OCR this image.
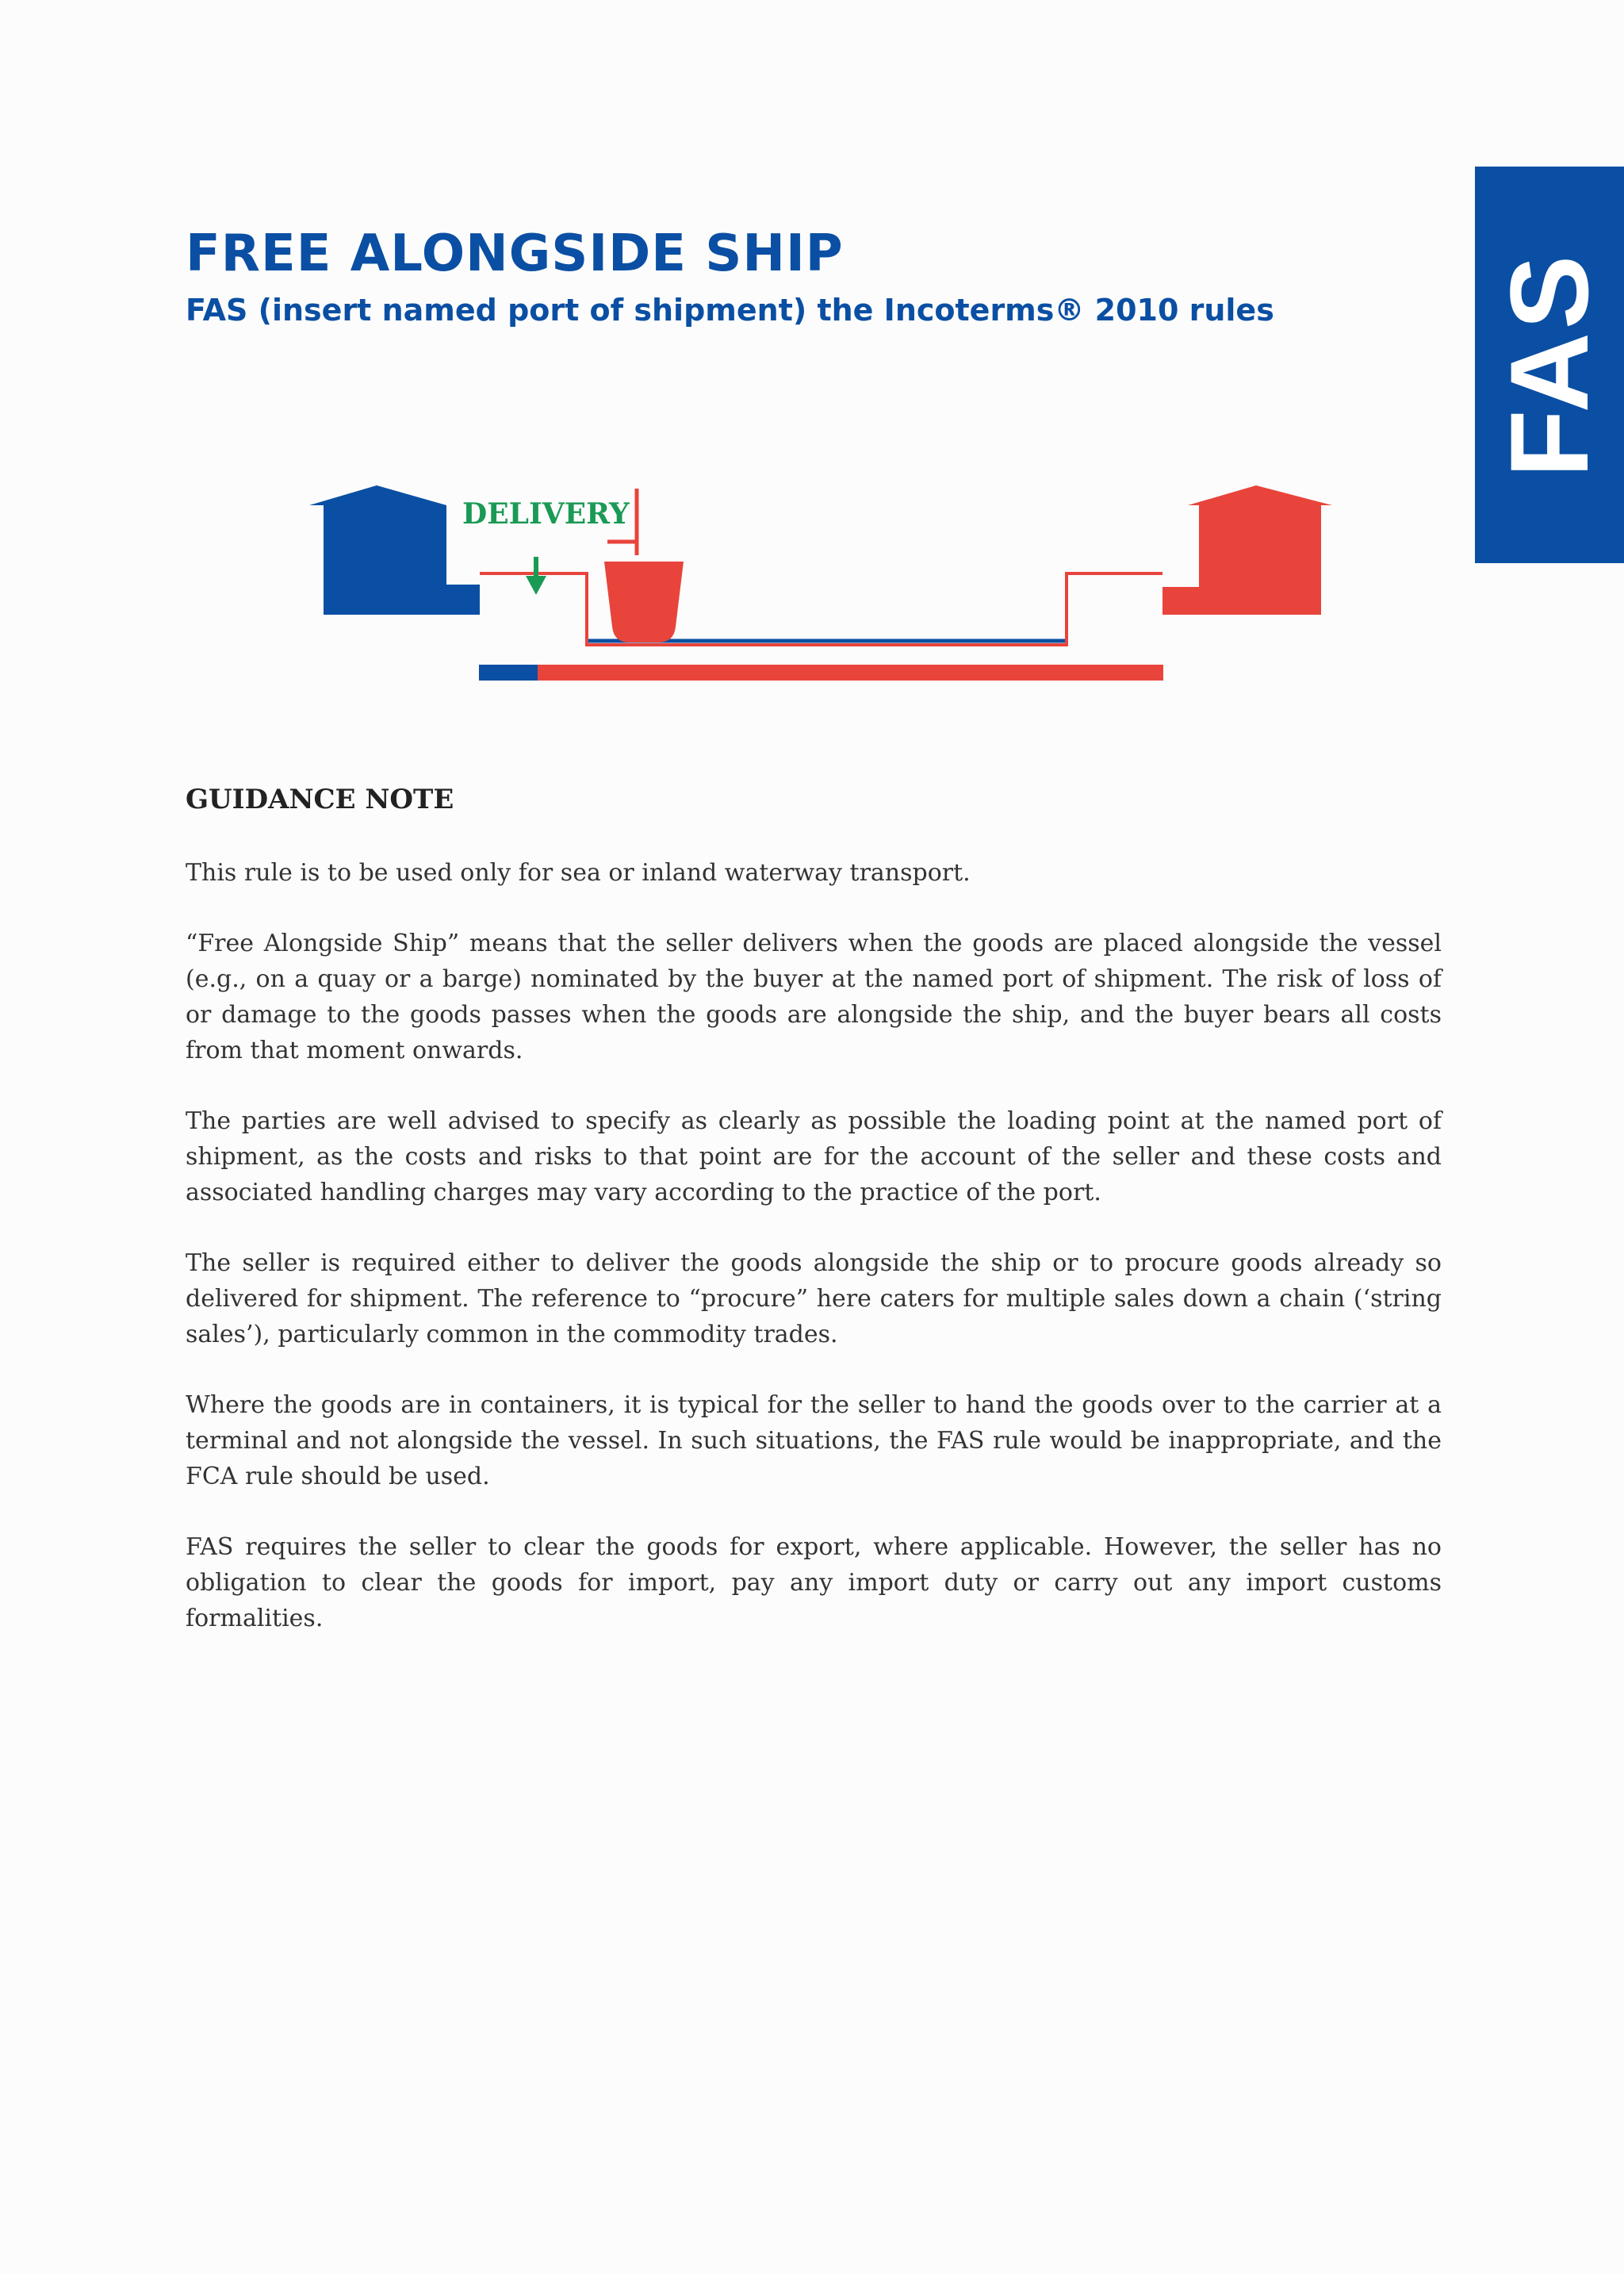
FAS
FREE ALONGSIDE SHIP
FAS (insert named port of shipment) the Incoterms® 2010 rules
DELIVERY
GUIDANCE NOTE

This rule is to be used only for sea or inland waterway transport.

“Free Alongside Ship” means that the seller delivers when the goods are placed alongside the vessel (e.g., on a quay or a barge) nominated by the buyer at the named port of shipment. The risk of loss of or damage to the goods passes when the goods are alongside the ship, and the buyer bears all costs from that moment onwards.

The parties are well advised to specify as clearly as possible the loading point at the named port of shipment, as the costs and risks to that point are for the account of the seller and these costs and associated handling charges may vary according to the practice of the port.

The seller is required either to deliver the goods alongside the ship or to procure goods already so delivered for shipment. The reference to “procure” here caters for multiple sales down a chain (‘string sales’), particularly common in the commodity trades.

Where the goods are in containers, it is typical for the seller to hand the goods over to the carrier at a terminal and not alongside the vessel. In such situations, the FAS rule would be inappropriate, and the FCA rule should be used.

FAS requires the seller to clear the goods for export, where applicable. However, the seller has no obligation to clear the goods for import, pay any import duty or carry out any import customs formalities.
